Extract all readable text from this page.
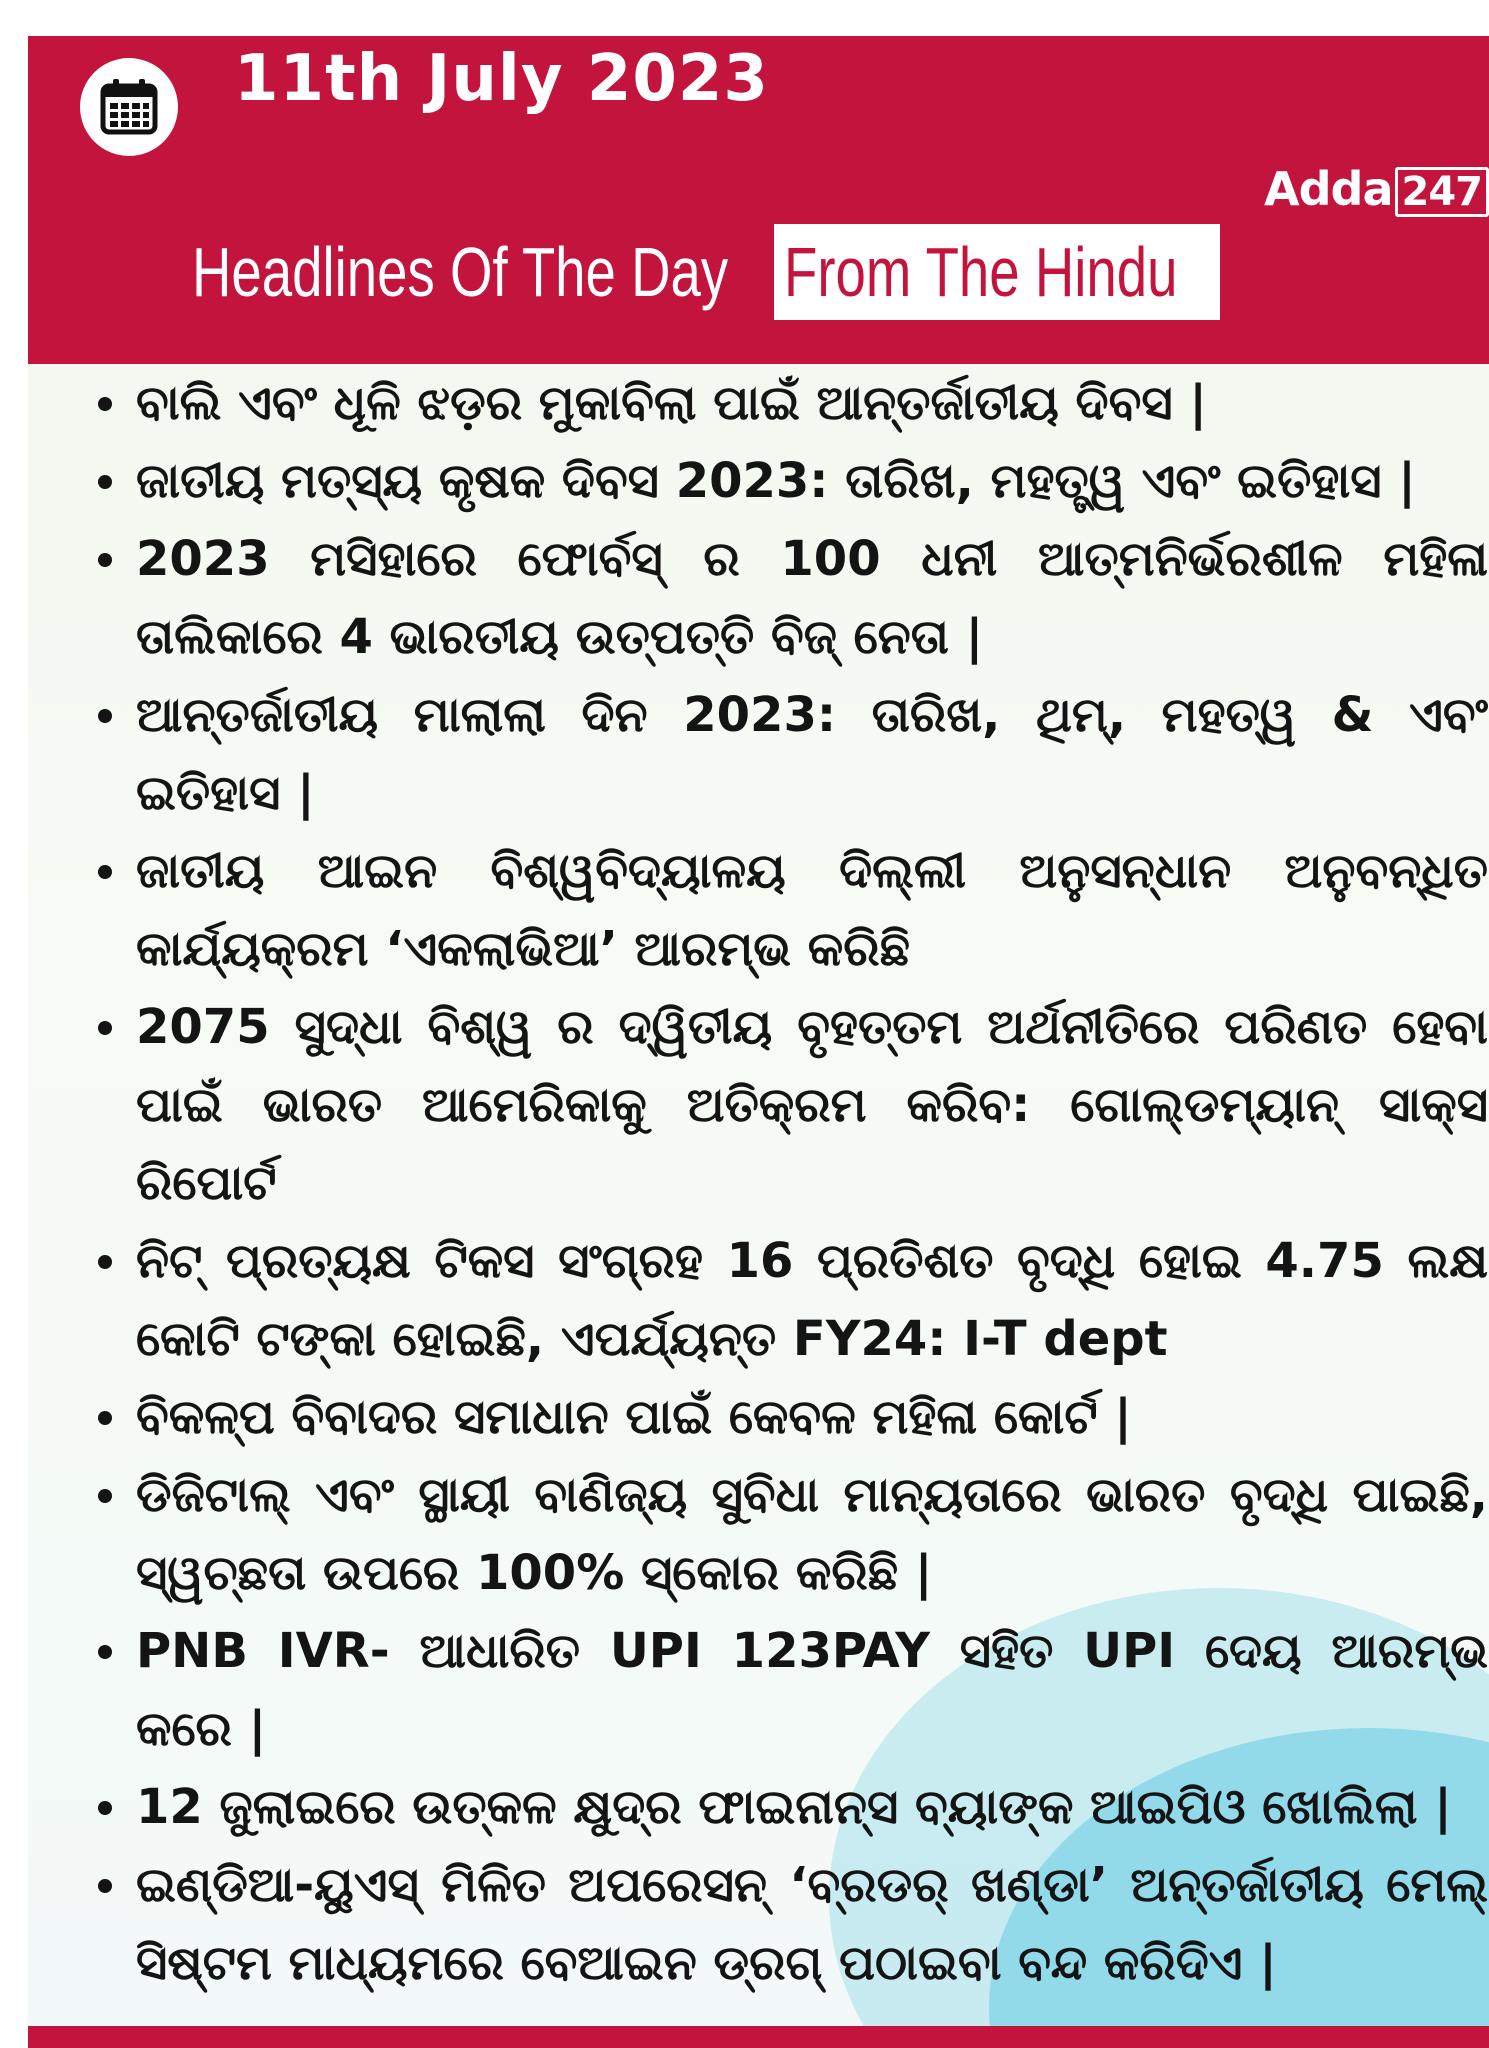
11th July 2023
Adda 247
Headlines Of The Day From The Hindu
ବାଲି ଏବଂ ଧୂଳି ଝଡ଼ର ମୁକାବିଲା ପାଇଁ ଆନ୍ତର୍ଜାତୀୟ ଦିବସ |
ଜାତୀୟ ମତ୍ସ୍ୟ କୃଷକ ଦିବସ 2023: ତାରିଖ, ମହତ୍ତ୍ୱ ଏବଂ ଇତିହାସ |
2023 ମସିହାରେ ଫୋର୍ବସ୍ ର 100 ଧନୀ ଆତ୍ମନିର୍ଭରଶୀଳ ମହିଳା ତାଲିକାରେ 4 ଭାରତୀୟ ଉତ୍ପତ୍ତି ବିଜ୍ ନେତା |
ଆନ୍ତର୍ଜାତୀୟ ମାଲାଲା ଦିନ 2023: ତାରିଖ, ଥିମ୍, ମହତ୍ୱ & ଏବଂ ଇତିହାସ |
ଜାତୀୟ ଆଇନ ବିଶ୍ୱବିଦ୍ୟାଳୟ ଦିଲ୍ଲୀ ଅନୁସନ୍ଧାନ ଅନୁବନ୍ଧିତ କାର୍ଯ୍ୟକ୍ରମ ‘ଏକଲାଭିଆ’ ଆରମ୍ଭ କରିଛି
2075 ସୁଦ୍ଧା ବିଶ୍ୱ ର ଦ୍ୱିତୀୟ ବୃହତ୍ତମ ଅର୍ଥନୀତିରେ ପରିଣତ ହେବା ପାଇଁ ଭାରତ ଆମେରିକାକୁ ଅତିକ୍ରମ କରିବ: ଗୋଲ୍ଡମ୍ୟାନ୍ ସାକ୍ସ ରିପୋର୍ଟ
ନିଟ୍ ପ୍ରତ୍ୟକ୍ଷ ଟିକସ ସଂଗ୍ରହ 16 ପ୍ରତିଶତ ବୃଦ୍ଧି ହୋଇ 4.75 ଲକ୍ଷ କୋଟି ଟଙ୍କା ହୋଇଛି, ଏପର୍ଯ୍ୟନ୍ତ FY24: I-T dept
ବିକଳ୍ପ ବିବାଦର ସମାଧାନ ପାଇଁ କେବଳ ମହିଳା କୋର୍ଟ |
ଡିଜିଟାଲ୍ ଏବଂ ସ୍ଥାୟୀ ବାଣିଜ୍ୟ ସୁବିଧା ମାନ୍ୟତାରେ ଭାରତ ବୃଦ୍ଧି ପାଇଛି, ସ୍ୱଚ୍ଛତା ଉପରେ 100% ସ୍କୋର କରିଛି |
PNB IVR- ଆଧାରିତ UPI 123PAY ସହିତ UPI ଦେୟ ଆରମ୍ଭ କରେ |
12 ଜୁଲାଇରେ ଉତ୍କଳ କ୍ଷୁଦ୍ର ଫାଇନାନ୍ସ ବ୍ୟାଙ୍କ ଆଇପିଓ ଖୋଲିଲା |
ଇଣ୍ଡିଆ-ୟୁଏସ୍ ମିଳିତ ଅପରେସନ୍ ‘ବ୍ରଡର୍ ଖଣ୍ଡା’ ଅନ୍ତର୍ଜାତୀୟ ମେଲ୍ ସିଷ୍ଟମ ମାଧ୍ୟମରେ ବେଆଇନ ଡ୍ରଗ୍ ପଠାଇବା ବନ୍ଦ କରିଦିଏ |
